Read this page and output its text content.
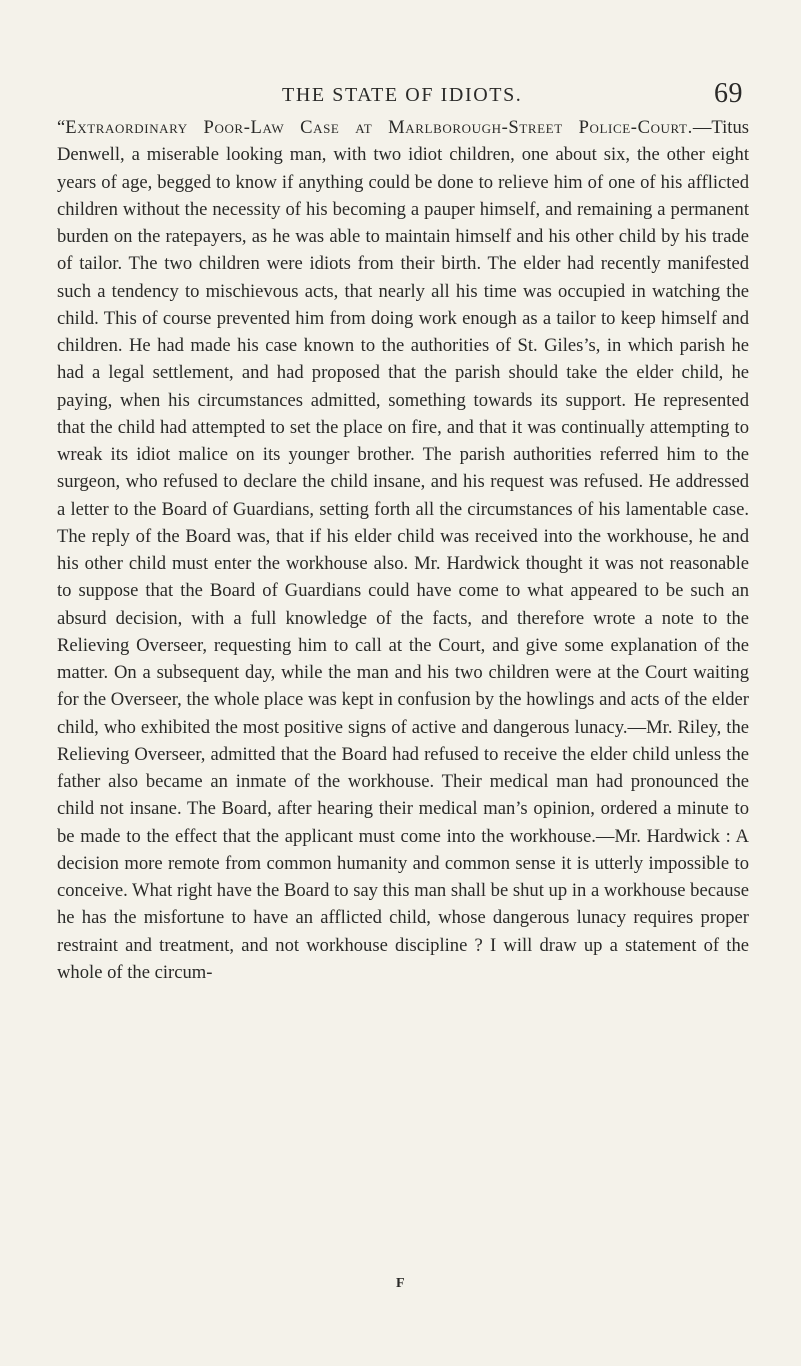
THE STATE OF IDIOTS.	69

“Extraordinary Poor-Law Case at Marlborough-Street Police-Court.—Titus Denwell, a miserable looking man, with two idiot children, one about six, the other eight years of age, begged to know if anything could be done to relieve him of one of his afflicted children without the necessity of his becoming a pauper himself, and remaining a permanent burden on the ratepayers, as he was able to maintain himself and his other child by his trade of tailor. The two children were idiots from their birth. The elder had recently manifested such a tendency to mischievous acts, that nearly all his time was occupied in watching the child. This of course prevented him from doing work enough as a tailor to keep himself and children. He had made his case known to the authorities of St. Giles’s, in which parish he had a legal settlement, and had proposed that the parish should take the elder child, he paying, when his circumstances admitted, something towards its support. He represented that the child had attempted to set the place on fire, and that it was continually attempting to wreak its idiot malice on its younger brother. The parish authorities referred him to the surgeon, who refused to declare the child insane, and his request was refused. He addressed a letter to the Board of Guardians, setting forth all the circumstances of his lamentable case. The reply of the Board was, that if his elder child was received into the workhouse, he and his other child must enter the workhouse also. Mr. Hardwick thought it was not reasonable to suppose that the Board of Guardians could have come to what appeared to be such an absurd decision, with a full knowledge of the facts, and therefore wrote a note to the Relieving Overseer, requesting him to call at the Court, and give some explanation of the matter. On a subsequent day, while the man and his two children were at the Court waiting for the Overseer, the whole place was kept in confusion by the howlings and acts of the elder child, who exhibited the most positive signs of active and dangerous lunacy.—Mr. Riley, the Relieving Overseer, admitted that the Board had refused to receive the elder child unless the father also became an inmate of the workhouse. Their medical man had pronounced the child not insane. The Board, after hearing their medical man’s opinion, ordered a minute to be made to the effect that the applicant must come into the workhouse.—Mr. Hardwick : A decision more remote from common humanity and common sense it is utterly impossible to conceive. What right have the Board to say this man shall be shut up in a workhouse because he has the misfortune to have an afflicted child, whose dangerous lunacy requires proper restraint and treatment, and not workhouse discipline ? I will draw up a statement of the whole of the circum-

F
